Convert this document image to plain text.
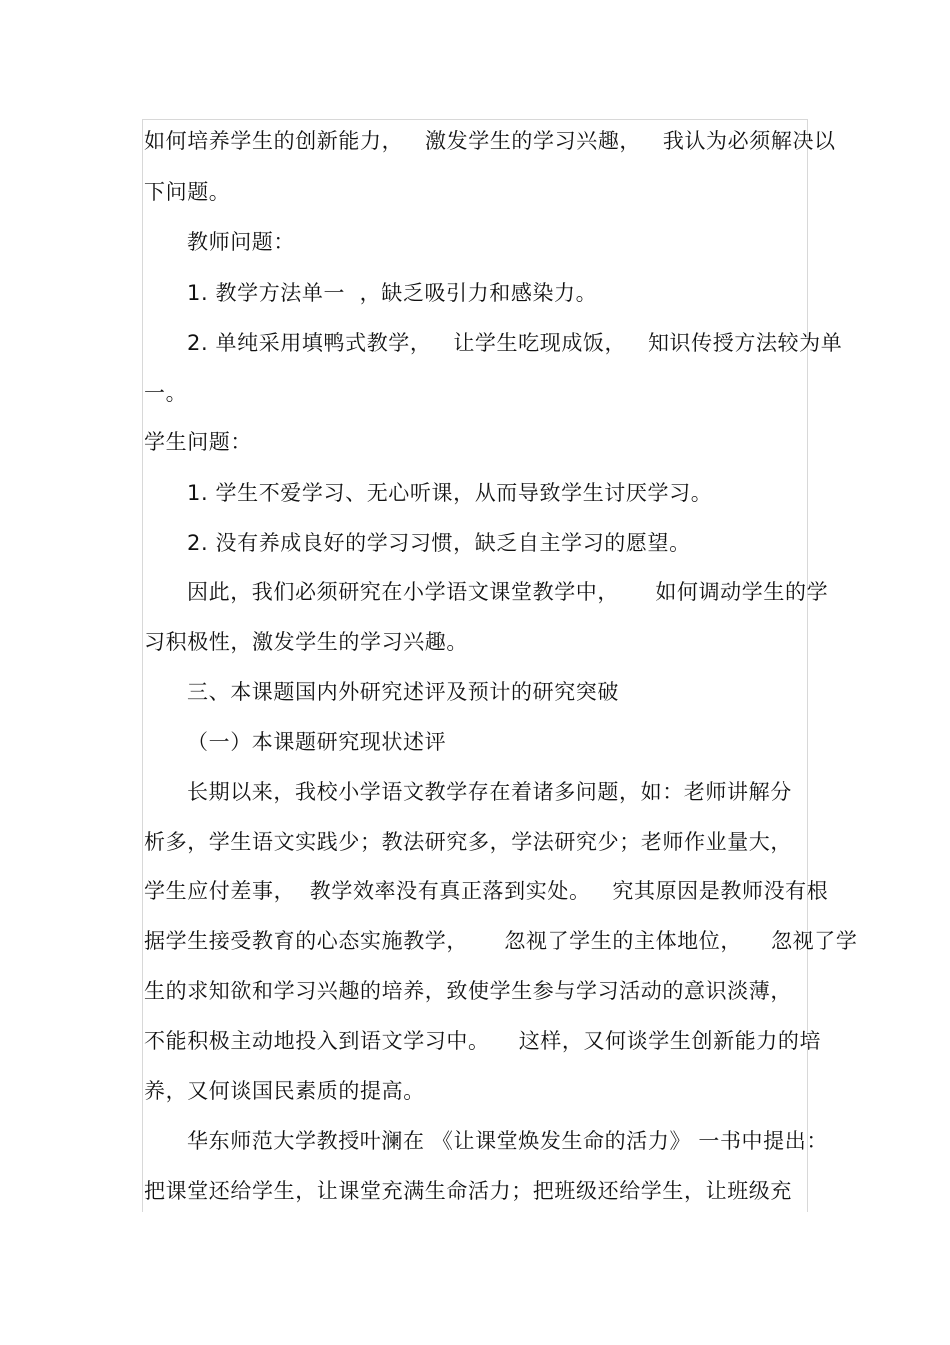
如何培养学生的创新能力，   激发学生的学习兴趣，   我认为必须解决以

下问题。

教师问题：

1. 教学方法单一  ，缺乏吸引力和感染力。

2. 单纯采用填鸭式教学，   让学生吃现成饭，   知识传授方法较为单

一。

学生问题：

1. 学生不爱学习、无心听课，从而导致学生讨厌学习。

2. 没有养成良好的学习习惯，缺乏自主学习的愿望。

因此，我们必须研究在小学语文课堂教学中，     如何调动学生的学

习积极性，激发学生的学习兴趣。

三、本课题国内外研究述评及预计的研究突破

（一）本课题研究现状述评

长期以来，我校小学语文教学存在着诸多问题，如：老师讲解分

析多，学生语文实践少；教法研究多，学法研究少；老师作业量大，

学生应付差事，  教学效率没有真正落到实处。   究其原因是教师没有根

据学生接受教育的心态实施教学，     忽视了学生的主体地位，    忽视了学

生的求知欲和学习兴趣的培养，致使学生参与学习活动的意识淡薄，

不能积极主动地投入到语文学习中。    这样，又何谈学生创新能力的培

养，又何谈国民素质的提高。

华东师范大学教授叶澜在 《让课堂焕发生命的活力》 一书中提出：

把课堂还给学生，让课堂充满生命活力；把班级还给学生，让班级充
